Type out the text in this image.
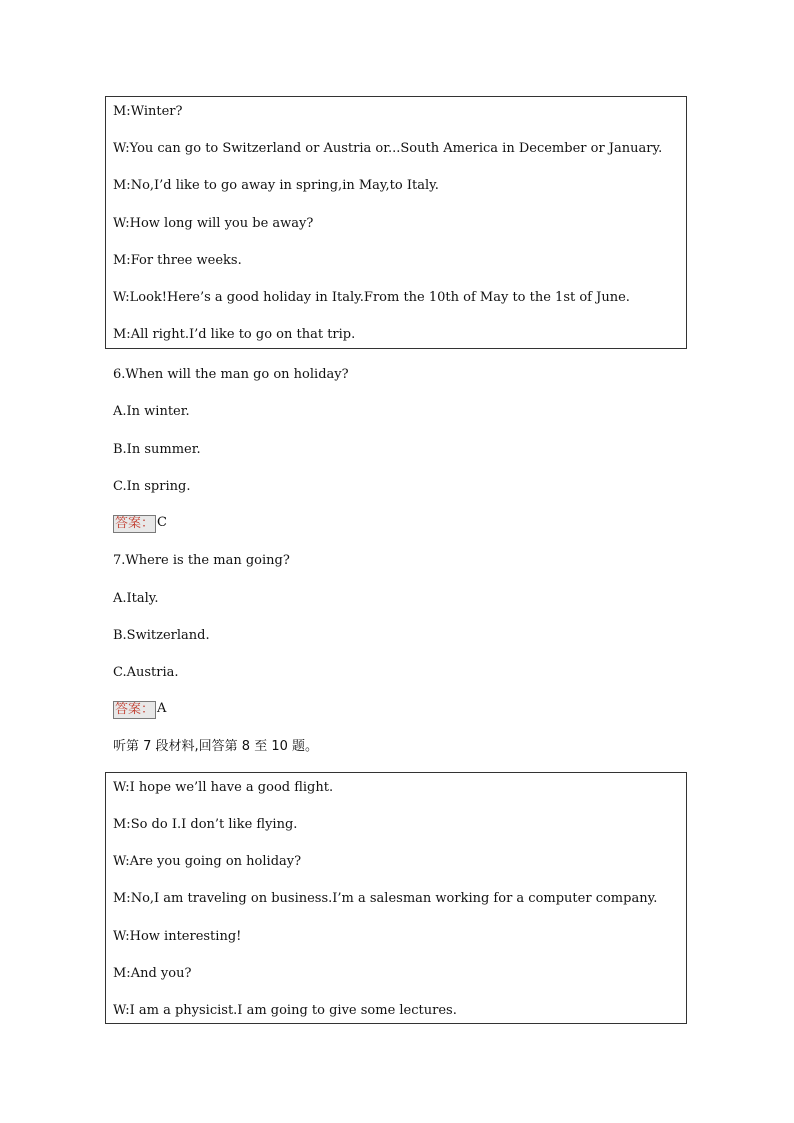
M:Winter?
W:You can go to Switzerland or Austria or...South America in December or January.
M:No,I’d like to go away in spring,in May,to Italy.
W:How long will you be away?
M:For three weeks.
W:Look!Here’s a good holiday in Italy.From the 10th of May to the 1st of June.
M:All right.I’d like to go on that trip.
6.When will the man go on holiday?
A.In winter.
B.In summer.
C.In spring.
答案： C
7.Where is the man going?
A.Italy.
B.Switzerland.
C.Austria.
答案： A
听第 7 段材料,回答第 8 至 10 题。
W:I hope we’ll have a good flight.
M:So do I.I don’t like flying.
W:Are you going on holiday?
M:No,I am traveling on business.I’m a salesman working for a computer company.
W:How interesting!
M:And you?
W:I am a physicist.I am going to give some lectures.
